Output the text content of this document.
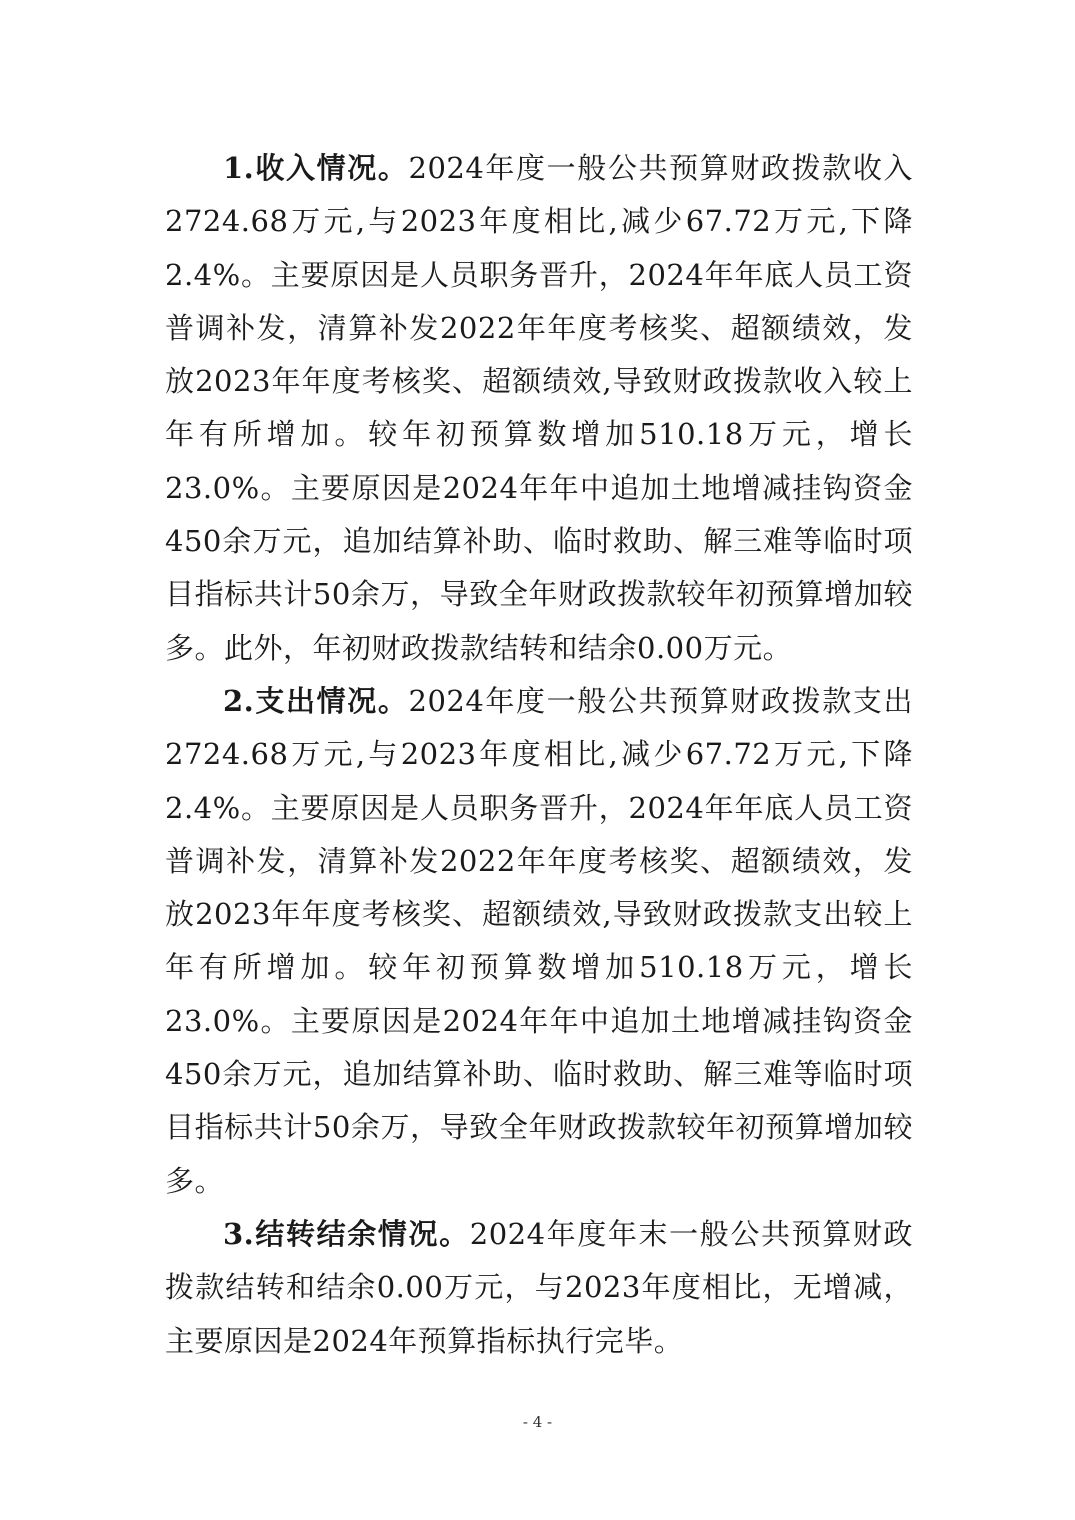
1.收入情况。2024年度一般公共预算财政拨款收入2724.68万元,与2023年度相比,减少67.72万元,下降2.4%。主要原因是人员职务晋升，2024年年底人员工资普调补发，清算补发2022年年度考核奖、超额绩效，发放2023年年度考核奖、超额绩效,导致财政拨款收入较上年有所增加。较年初预算数增加510.18万元，增长23.0%。主要原因是2024年年中追加土地增减挂钩资金450余万元，追加结算补助、临时救助、解三难等临时项目指标共计50余万，导致全年财政拨款较年初预算增加较多。此外，年初财政拨款结转和结余0.00万元。

2.支出情况。2024年度一般公共预算财政拨款支出2724.68万元,与2023年度相比,减少67.72万元,下降2.4%。主要原因是人员职务晋升，2024年年底人员工资普调补发，清算补发2022年年度考核奖、超额绩效，发放2023年年度考核奖、超额绩效,导致财政拨款支出较上年有所增加。较年初预算数增加510.18万元，增长23.0%。主要原因是2024年年中追加土地增减挂钩资金450余万元，追加结算补助、临时救助、解三难等临时项目指标共计50余万，导致全年财政拨款较年初预算增加较多。

3.结转结余情况。2024年度年末一般公共预算财政拨款结转和结余0.00万元，与2023年度相比，无增减，主要原因是2024年预算指标执行完毕。

- 4 -
